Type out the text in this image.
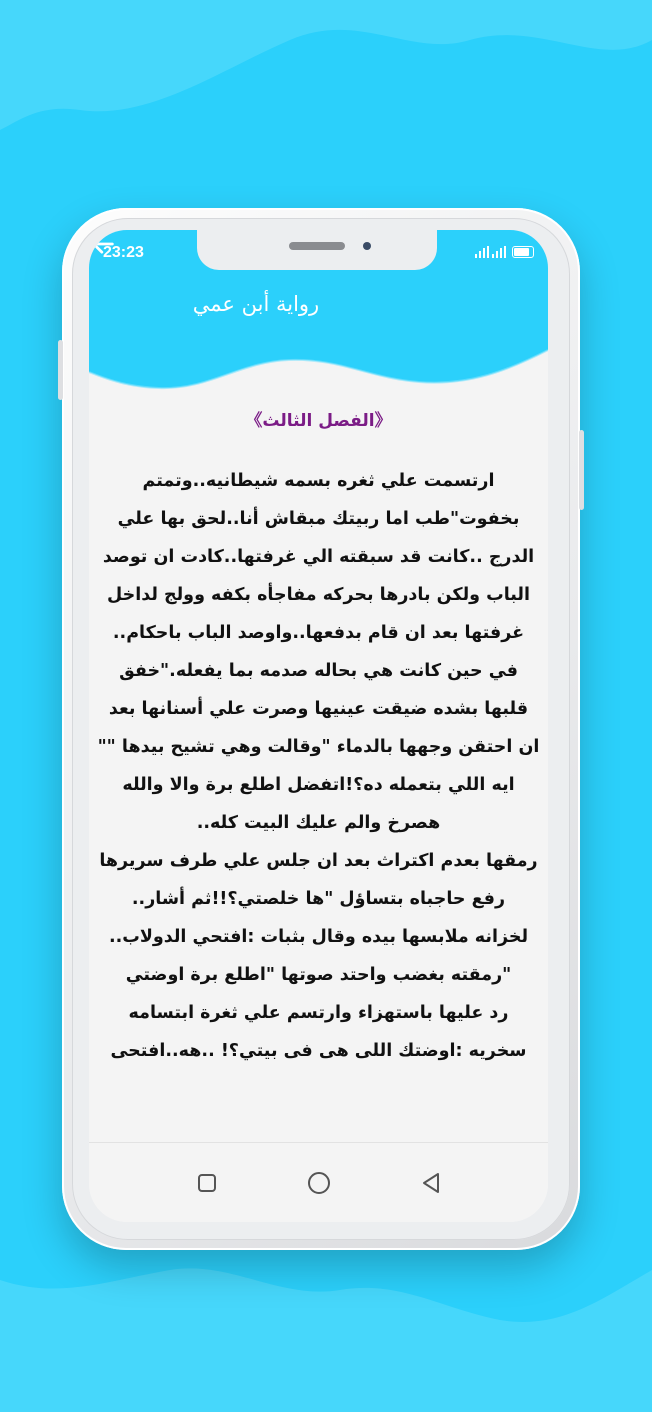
23:23
رواية أبن عمي
《الفصل الثالث》
ارتسمت علي ثغره بسمه شيطانيه..وتمتم بخفوت"طب اما ربيتك مبقاش أنا..لحق بها علي الدرج ..كانت قد سبقته الي غرفتها..كادت ان توصد الباب ولكن بادرها بحركه مفاجأه بكفه وولج لداخل غرفتها بعد ان قام بدفعها..واوصد الباب باحكام..
في حين كانت هي بحاله صدمه بما يفعله."خفق قلبها بشده ضيقت عينيها وصرت علي أسنانها بعد ان احتقن وجهها بالدماء "وقالت وهي تشيح بيدها ""
ايه اللي بتعمله ده؟!اتفضل اطلع برة والا والله هصرخ والم عليك البيت كله..
رمقها بعدم اكتراث بعد ان جلس علي طرف سريرها رفع حاجباه بتساؤل "ها خلصتي؟!!ثم أشار..
لخزانه ملابسها بيده وقال بثبات :افتحي الدولاب..
"رمقته بغضب واحتد صوتها "اطلع برة اوضتي
رد عليها باستهزاء وارتسم علي ثغرة ابتسامه سخريه :اوضتك اللى هى فى بيتي؟! ..هه..افتحى
